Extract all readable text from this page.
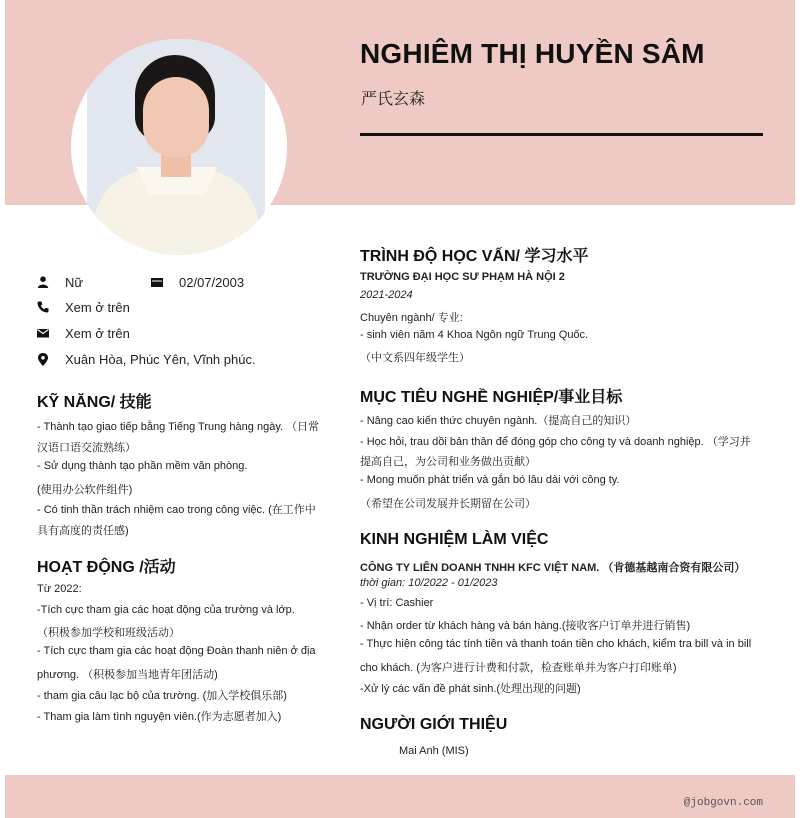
NGHIÊM THỊ HUYỀN SÂM
严氏玄森
Nữ	02/07/2003
Xem ở trên
Xem ở trên
Xuân Hòa, Phúc Yên, Vĩnh phúc.
KỸ NĂNG/ 技能
- Thành tạo giao tiếp bằng Tiếng Trung hàng ngày. （日常
汉语口语交流熟练）
- Sử dụng thành tạo phần mềm văn phòng.
(使用办公软件组件)
- Có tinh thần trách nhiệm cao trong công việc. (在工作中
具有高度的责任感)
HOẠT ĐỘNG /活动
Từ 2022:
-Tích cực tham gia các hoạt động của trường và lớp.
（积极参加学校和班级活动）
- Tích cực tham gia các hoạt động Đoàn thanh niên ở địa
phương. （积极参加当地青年团活动)
- tham gia câu lạc bộ của trường. (加入学校俱乐部)
- Tham gia làm tình nguyện viên.(作为志愿者加入)
TRÌNH ĐỘ HỌC VẤN/ 学习水平
TRƯỜNG ĐẠI HỌC SƯ PHẠM HÀ NỘI 2
2021-2024
Chuyên ngành/ 专业:
- sinh viên năm 4 Khoa Ngôn ngữ Trung Quốc.
（中文系四年级学生）
MỤC TIÊU NGHỀ NGHIỆP/事业目标
- Nâng cao kiến thức chuyên ngành.（提高自己的知识）
- Học hỏi, trau dồi bản thân để đóng góp cho công ty và doanh nghiệp. （学习并
提高自己，为公司和业务做出贡献）
- Mong muốn phát triển và gắn bó lâu dài với công ty.
（希望在公司发展并长期留在公司）
KINH NGHIỆM LÀM VIỆC
CÔNG TY LIÊN DOANH TNHH KFC VIỆT NAM. （肯德基越南合资有限公司）
thời gian: 10/2022 - 01/2023
- Vị trí: Cashier
- Nhận order từ khách hàng và bán hàng.(接收客户订单并进行销售)
- Thực hiện công tác tính tiền và thanh toán tiền cho khách, kiểm tra bill và in bill
cho khách. (为客户进行计费和付款，检查账单并为客户打印账单)
-Xử lý các vấn đề phát sinh.(处理出现的问题)
NGƯỜI GIỚI THIỆU
Mai Anh (MIS)
@jobgovn.com
